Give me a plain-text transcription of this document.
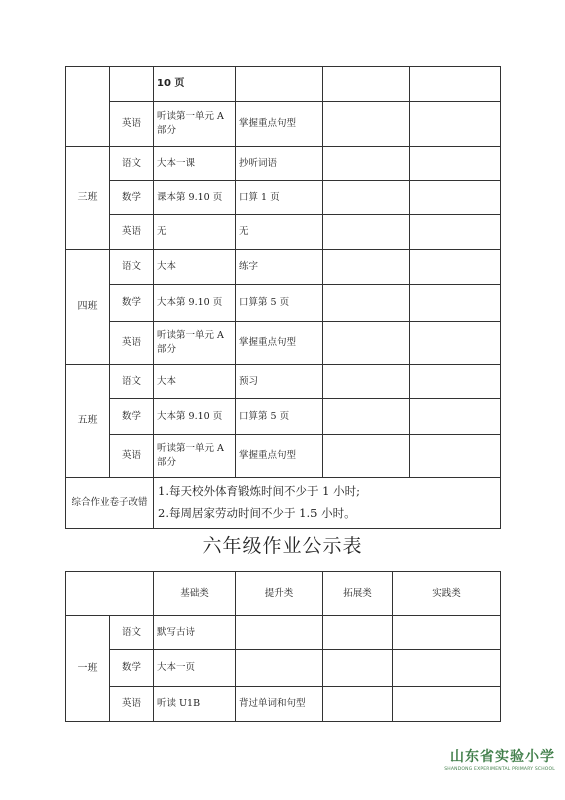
		10 页			
	英语	听读第一单元 A 部分	掌握重点句型		
三班	语文	大本一课	抄听词语		
	数学	课本第 9.10 页	口算 1 页		
	英语	无	无		
四班	语文	大本	练字		
	数学	大本第 9.10 页	口算第 5 页		
	英语	听读第一单元 A 部分	掌握重点句型		
五班	语文	大本	预习		
	数学	大本第 9.10 页	口算第 5 页		
	英语	听读第一单元 A 部分	掌握重点句型		
综合作业卷子改错		1.每天校外体育锻炼时间不少于 1 小时;
2.每周居家劳动时间不少于 1.5 小时。			
六年级作业公示表
		基础类	提升类	拓展类	实践类
一班	语文	默写古诗			
	数学	大本一页			
	英语	听读 U1B	背过单词和句型		
山东省实验小学
SHANDONG EXPERIMENTAL PRIMARY SCHOOL
